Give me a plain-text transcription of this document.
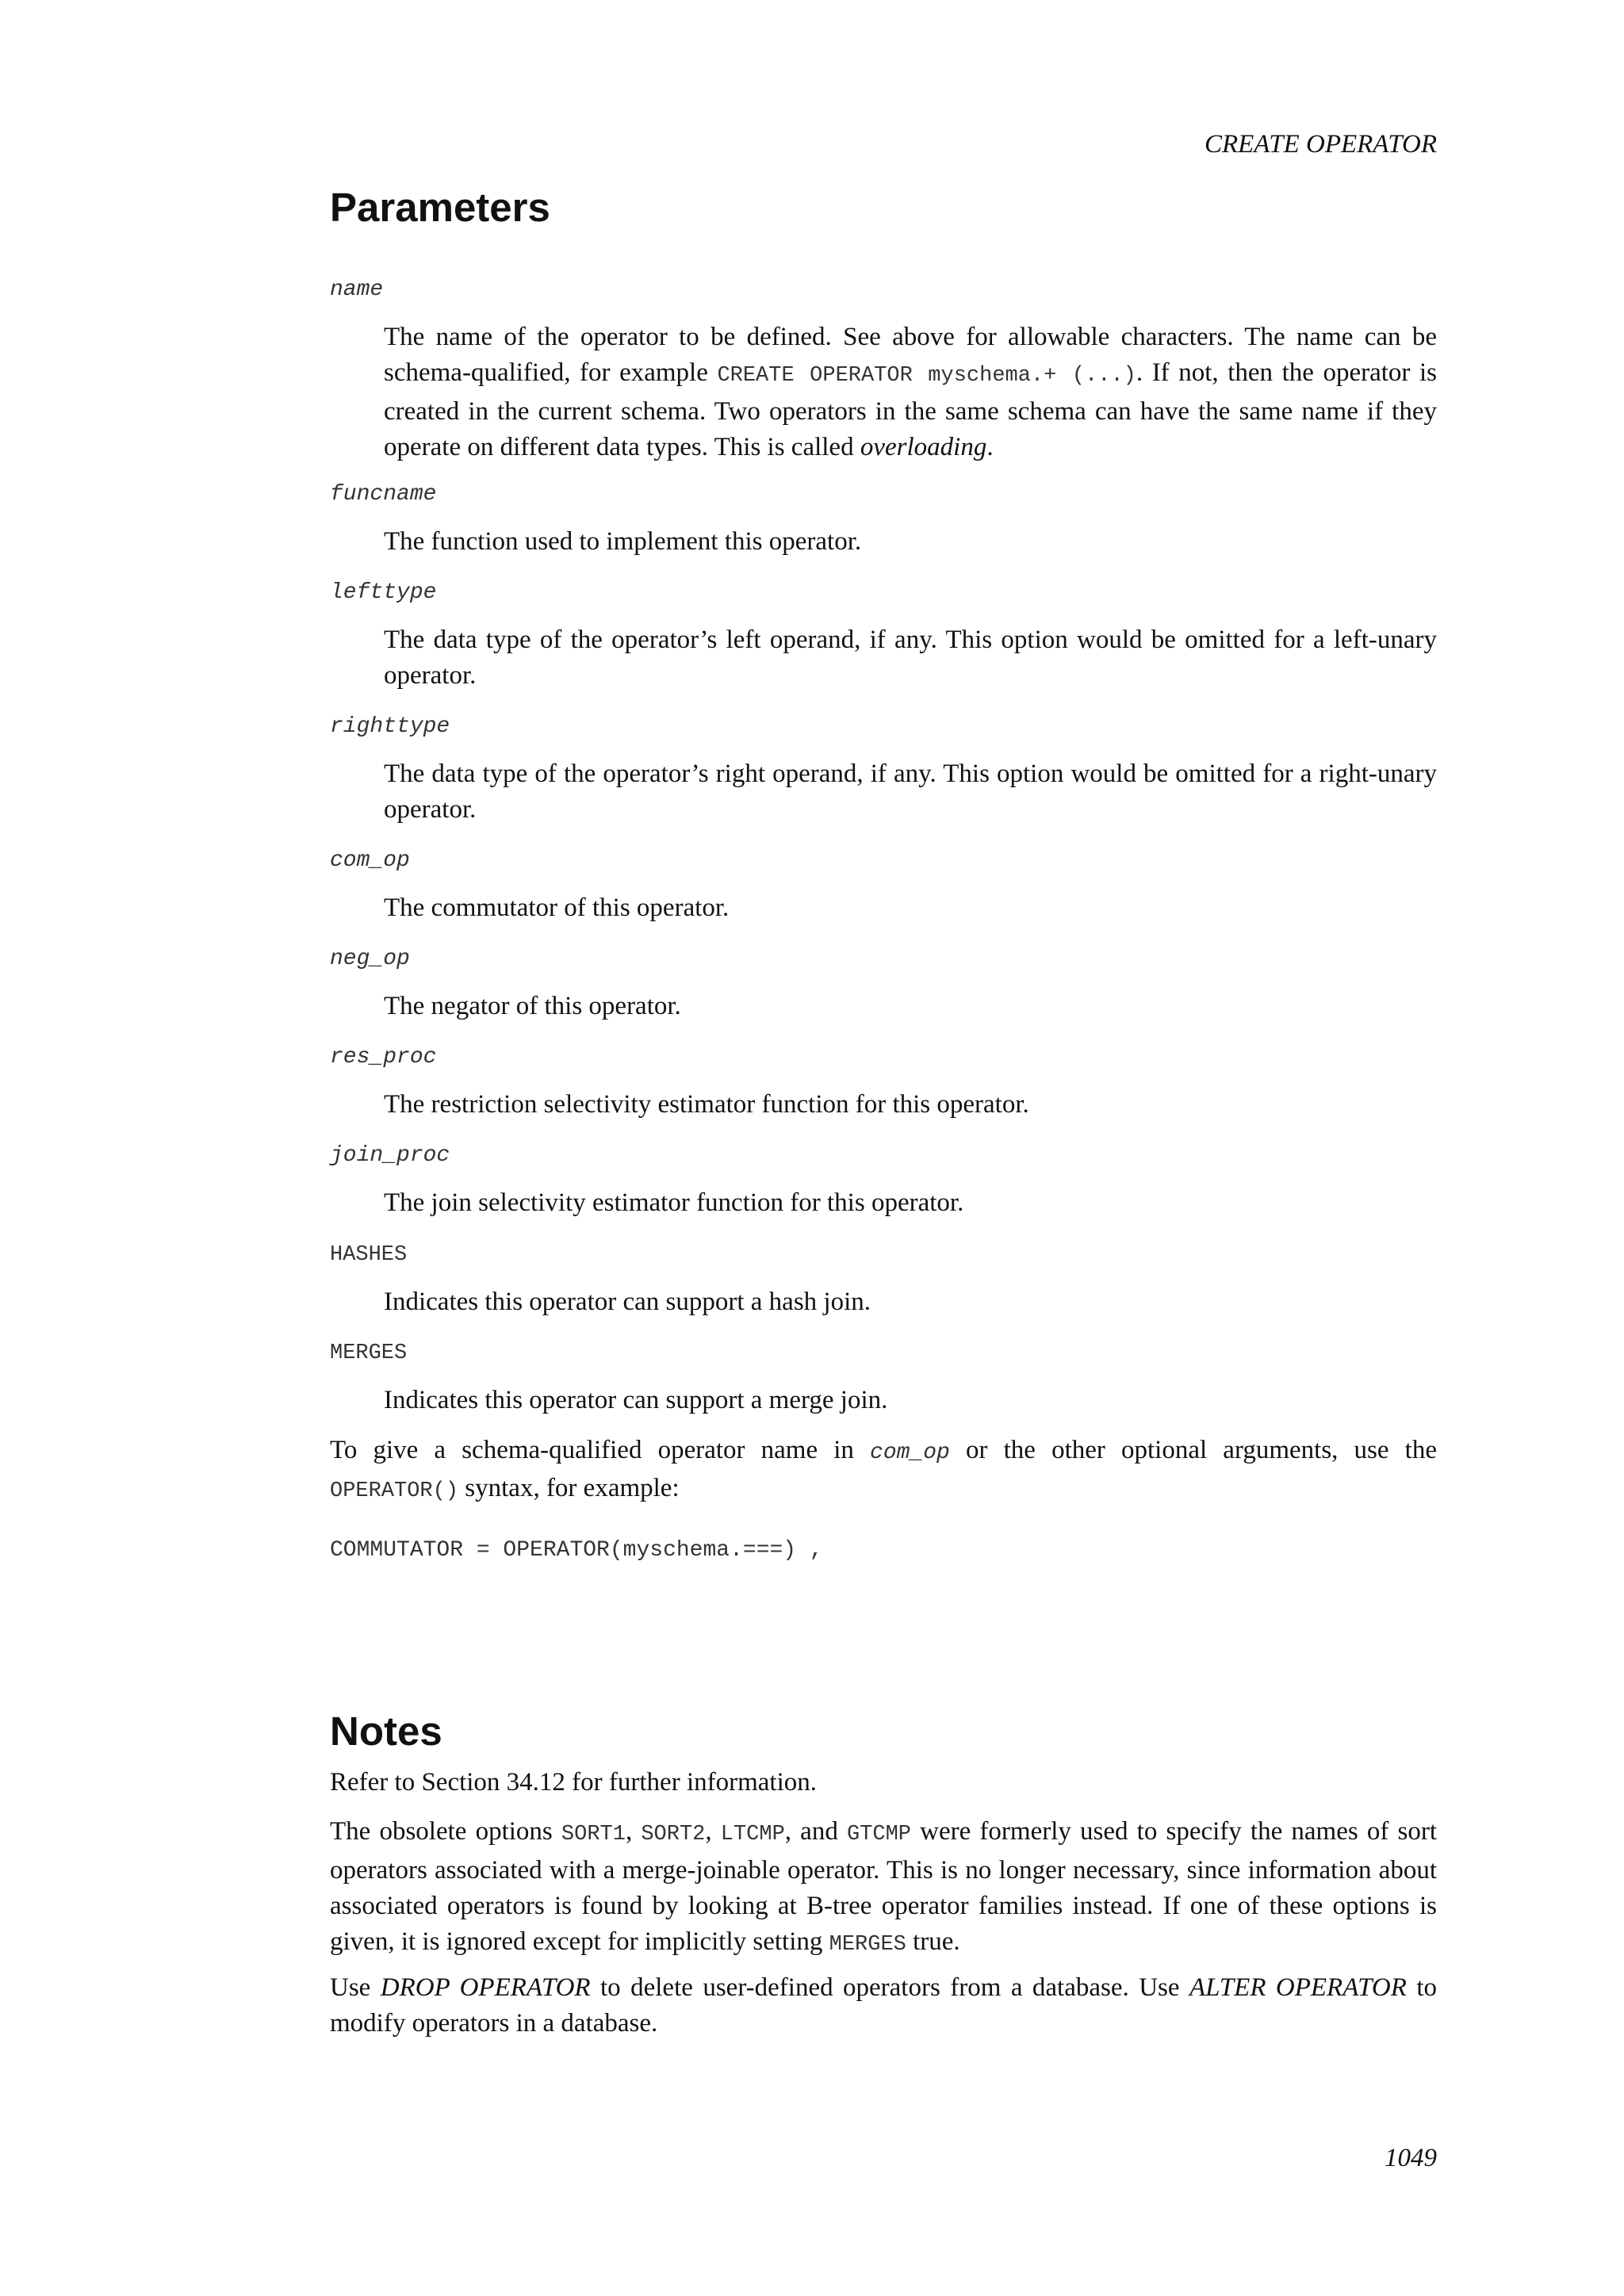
CREATE OPERATOR
Parameters
name

The name of the operator to be defined. See above for allowable characters. The name can be schema-qualified, for example CREATE OPERATOR myschema.+ (...). If not, then the operator is created in the current schema. Two operators in the same schema can have the same name if they operate on different data types. This is called overloading.

funcname

The function used to implement this operator.

lefttype

The data type of the operator’s left operand, if any. This option would be omitted for a left-unary operator.

righttype

The data type of the operator’s right operand, if any. This option would be omitted for a right-unary operator.

com_op

The commutator of this operator.

neg_op

The negator of this operator.

res_proc

The restriction selectivity estimator function for this operator.

join_proc

The join selectivity estimator function for this operator.

HASHES

Indicates this operator can support a hash join.

MERGES

Indicates this operator can support a merge join.

To give a schema-qualified operator name in com_op or the other optional arguments, use the OPERATOR() syntax, for example:

COMMUTATOR = OPERATOR(myschema.===) ,
Notes

Refer to Section 34.12 for further information.

The obsolete options SORT1, SORT2, LTCMP, and GTCMP were formerly used to specify the names of sort operators associated with a merge-joinable operator. This is no longer necessary, since information about associated operators is found by looking at B-tree operator families instead. If one of these options is given, it is ignored except for implicitly setting MERGES true.

Use DROP OPERATOR to delete user-defined operators from a database. Use ALTER OPERATOR to modify operators in a database.

1049
